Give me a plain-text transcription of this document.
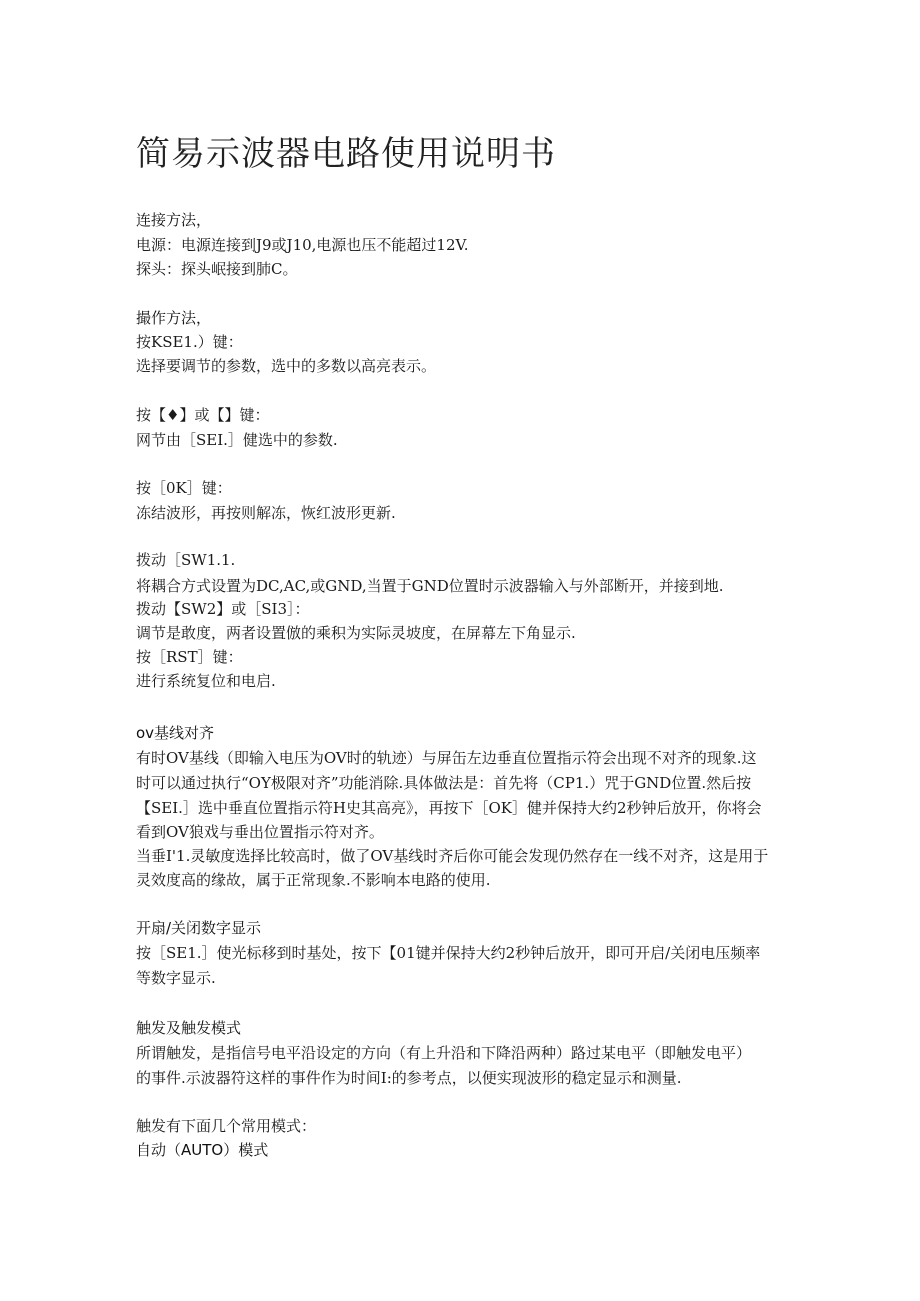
简易示波器电路使用说明书
连接方法，
电源：电源连接到J9或J10,电源也压不能超过12V.
探头：探头岷接到肺C。
撮作方法，
按KSE1.）键：
选择要调节的参数，选中的多数以高亮表示。
按【♦】或【】键：
网节由［SEI.］健选中的参数.
按［0K］键：
冻结波形，再按则解冻，恢红波形更新.
拨动［SW1.1.
将耦合方式设置为DC,AC,或GND,当置于GND位置时示波器输入与外部断开，并接到地.
拨动【SW2】或［SI3］：
调节是敢度，两者设置倣的乘积为实际灵坡度，在屏幕左下角显示.
按［RST］键：
进行系统复位和电启.
ov基线对齐
有时OV基线（即输入电压为OV时的轨迹）与屏缶左边垂直位置指示符会出现不对齐的现象.这
时可以通过执行“OY极限对齐”功能消除.具体做法是：首先将（CP1.）咒于GND位置.然后按
【SEI.］选中垂直位置指示符H史其高亮》，再按下［OK］健并保持大约2秒钟后放开，你将会
看到OV狼戏与垂出位置指示符对齐。
当垂I'1.灵敏度选择比较高时，做了OV基线时齐后你可能会发现仍然存在一线不对齐，这是用于
灵效度高的缘故，属于正常现象.不影响本电路的使用.
开扇/关闭数字显示
按［SE1.］使光标移到时基处，按下【01键并保持大约2秒钟后放开，即可开启/关闭电压频率
等数字显示.
触发及触发模式
所谓触发，是指信号电平沿设定的方向（有上升沿和下降沿两种）路过某电平（即触发电平）
的事件.示波器符这样的事件作为时间I:的参考点，以便实现波形的稳定显示和测量.
触发有下面几个常用模式：
自动（AUTO）模式
